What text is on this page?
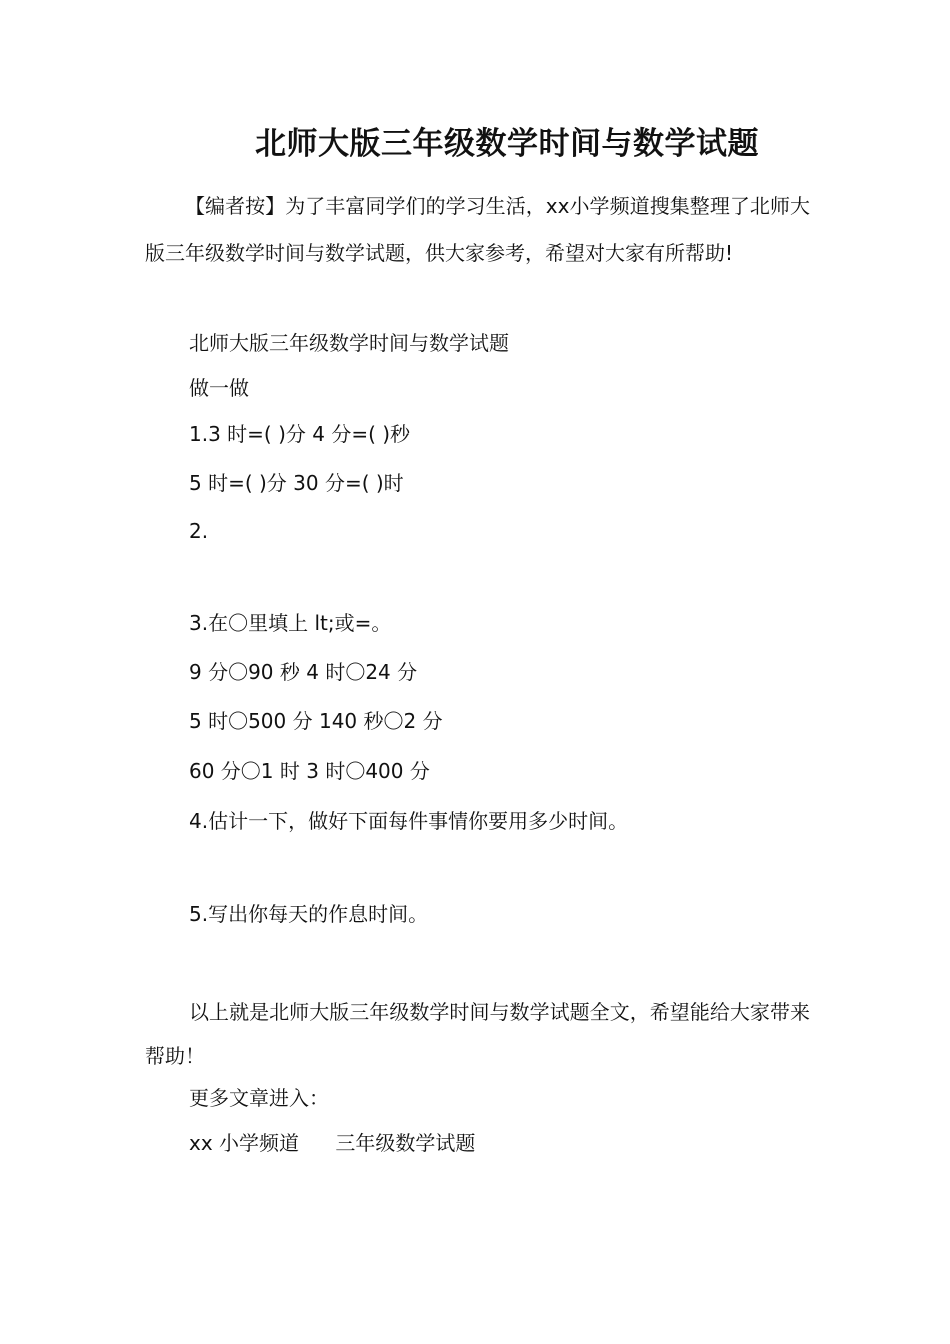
北师大版三年级数学时间与数学试题
【编者按】为了丰富同学们的学习生活，xx小学频道搜集整理了北师大版三年级数学时间与数学试题，供大家参考，希望对大家有所帮助!
北师大版三年级数学时间与数学试题
做一做
1.3 时=( )分 4 分=( )秒
5 时=( )分 30 分=( )时
2.
3.在〇里填上 lt;或=。
9 分〇90 秒 4 时〇24 分
5 时〇500 分 140 秒〇2 分
60 分〇1 时 3 时〇400 分
4.估计一下，做好下面每件事情你要用多少时间。
5.写出你每天的作息时间。
以上就是北师大版三年级数学时间与数学试题全文，希望能给大家带来帮助！
更多文章进入：
xx 小学频道 三年级数学试题
